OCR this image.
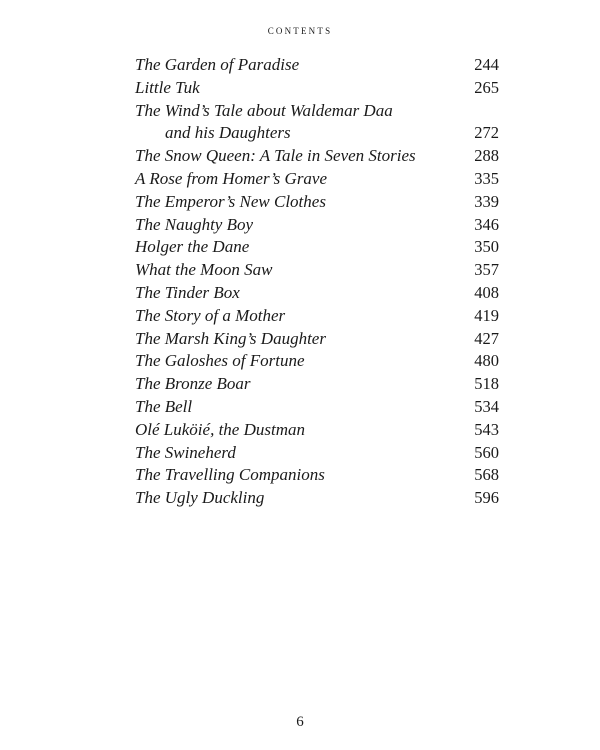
contents
The Garden of Paradise	244
Little Tuk	265
The Wind’s Tale about Waldemar Daa
and his Daughters	272
The Snow Queen: A Tale in Seven Stories	288
A Rose from Homer’s Grave	335
The Emperor’s New Clothes	339
The Naughty Boy	346
Holger the Dane	350
What the Moon Saw	357
The Tinder Box	408
The Story of a Mother	419
The Marsh King’s Daughter	427
The Galoshes of Fortune	480
The Bronze Boar	518
The Bell	534
Olé Luköié, the Dustman	543
The Swineherd	560
The Travelling Companions	568
The Ugly Duckling	596
6
